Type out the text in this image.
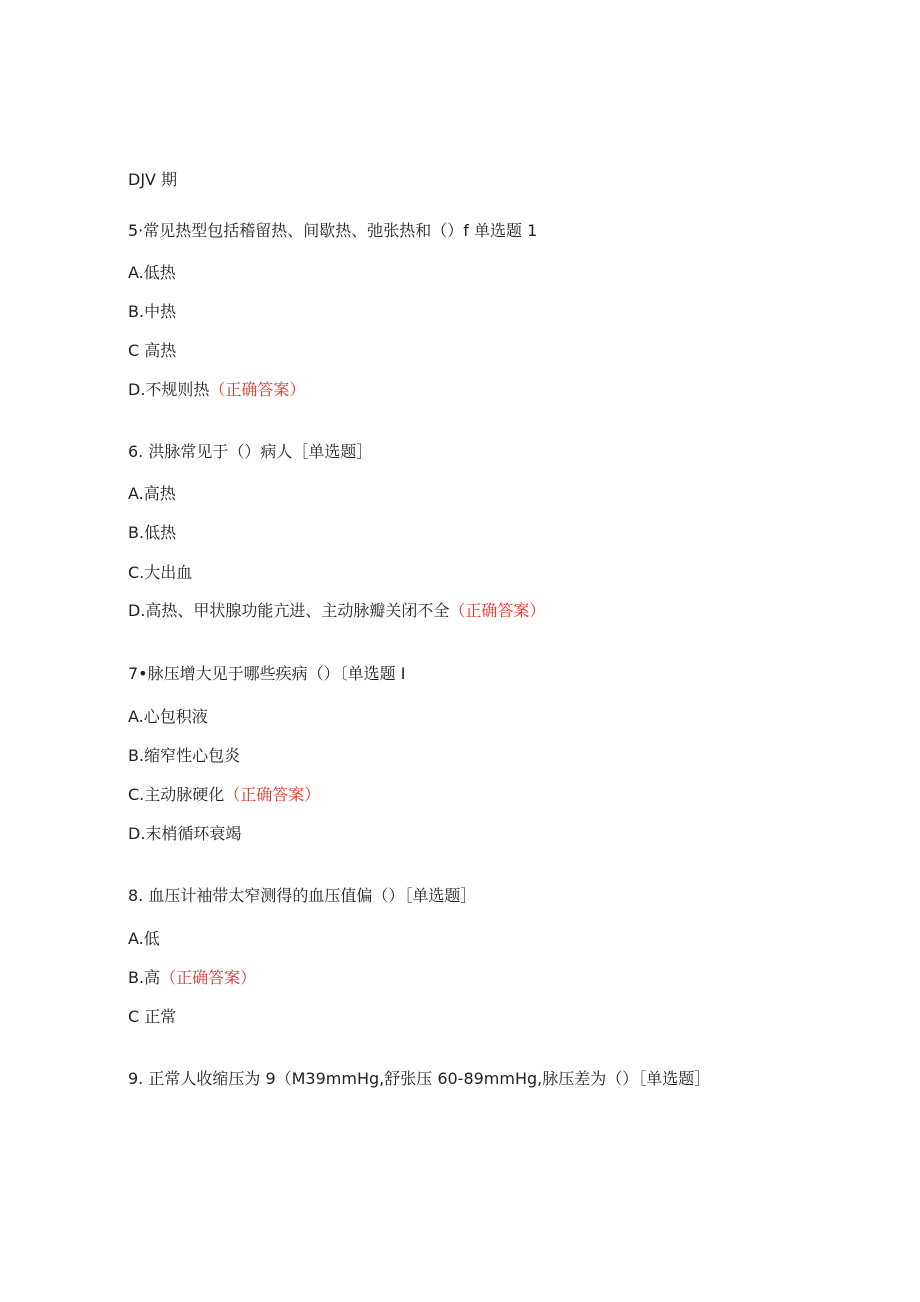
DJV 期
5·常见热型包括稽留热、间歇热、弛张热和（）f 单选题 1
A.低热
B.中热
C 高热
D.不规则热（正确答案）
6. 洪脉常见于（）病人［单选题］
A.高热
B.低热
C.大出血
D.高热、甲状腺功能亢进、主动脉瓣关闭不全（正确答案）
7•脉压增大见于哪些疾病（）〔单选题 I
A.心包积液
B.缩窄性心包炎
C.主动脉硬化（正确答案）
D.末梢循环衰竭
8. 血压计袖带太窄测得的血压值偏（）［单选题］
A.低
B.高（正确答案）
C 正常
9. 正常人收缩压为 9（M39mmHg,舒张压 60-89mmHg,脉压差为（）［单选题］
